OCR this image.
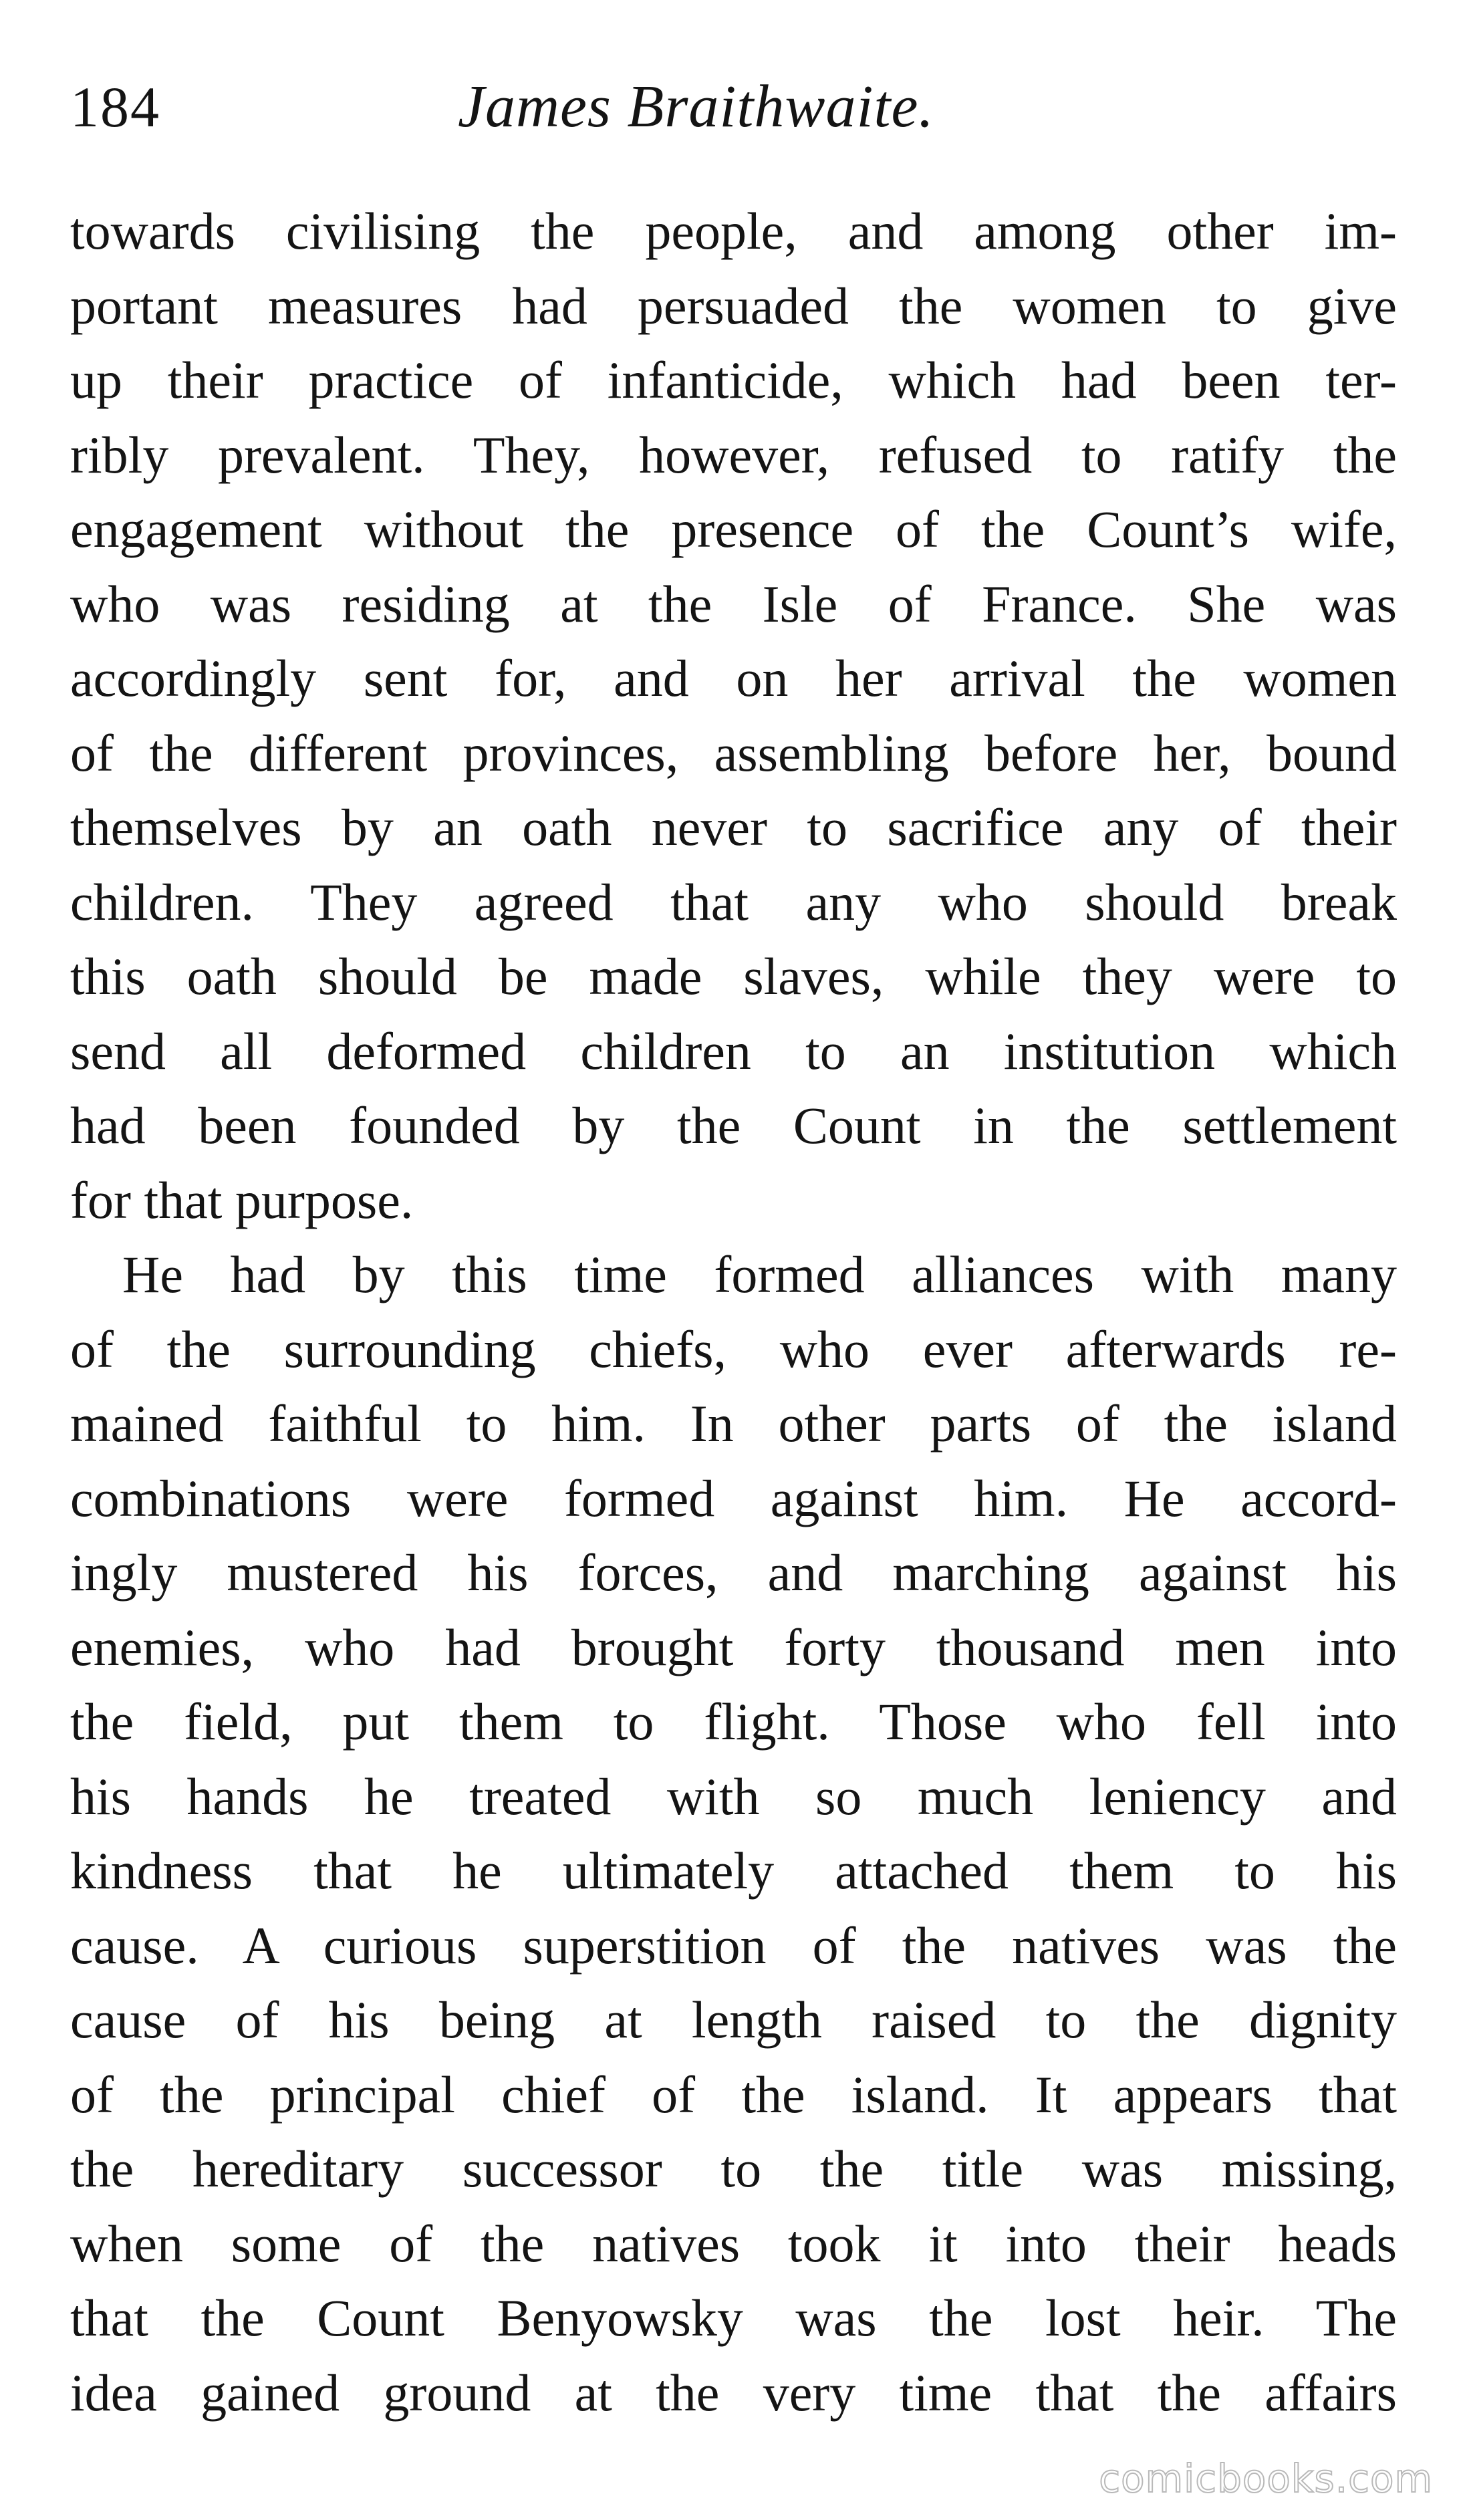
184	James Braithwaite.
towards civilising the people, and among other im-
portant measures had persuaded the women to give
up their practice of infanticide, which had been ter-
ribly prevalent. They, however, refused to ratify the
engagement without the presence of the Count’s wife,
who was residing at the Isle of France. She was
accordingly sent for, and on her arrival the women
of the different provinces, assembling before her, bound
themselves by an oath never to sacrifice any of their
children. They agreed that any who should break
this oath should be made slaves, while they were to
send all deformed children to an institution which
had been founded by the Count in the settlement
for that purpose.
He had by this time formed alliances with many
of the surrounding chiefs, who ever afterwards re-
mained faithful to him. In other parts of the island
combinations were formed against him. He accord-
ingly mustered his forces, and marching against his
enemies, who had brought forty thousand men into
the field, put them to flight. Those who fell into
his hands he treated with so much leniency and
kindness that he ultimately attached them to his
cause. A curious superstition of the natives was the
cause of his being at length raised to the dignity
of the principal chief of the island. It appears that
the hereditary successor to the title was missing,
when some of the natives took it into their heads
that the Count Benyowsky was the lost heir. The
idea gained ground at the very time that the affairs
comicbooks.com
